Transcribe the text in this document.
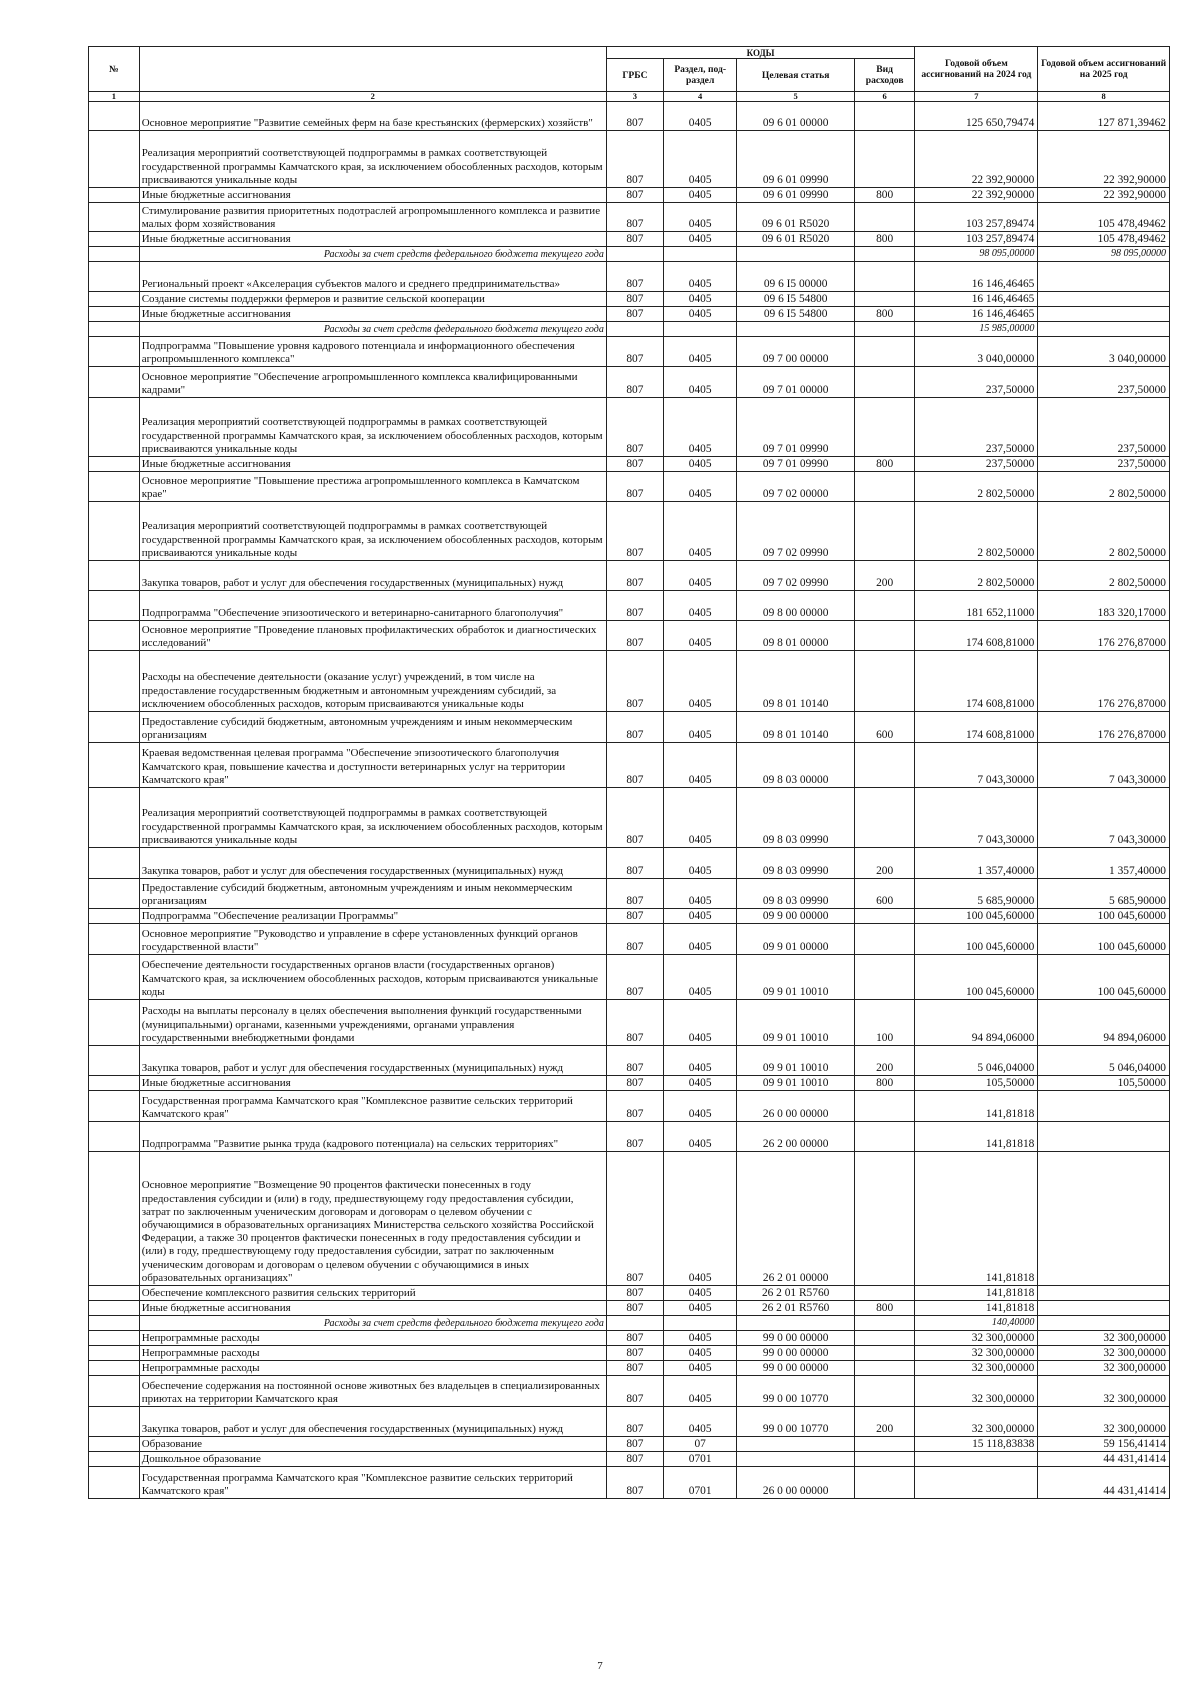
№		КОДЫ				Годовой объем ассигнований на 2024 год	Годовой объем ассигнований на 2025 год
		ГРБС	Раздел, под-раздел	Целевая статья	Вид расходов		
1	2	3	4	5	6	7	8
	Основное мероприятие "Развитие семейных ферм на базе крестьянских (фермерских) хозяйств"	807	0405	09 6 01 00000		125 650,79474	127 871,39462
	Реализация мероприятий соответствующей подпрограммы в рамках соответствующей государственной программы Камчатского края, за исключением обособленных расходов, которым присваиваются уникальные коды	807	0405	09 6 01 09990		22 392,90000	22 392,90000
	Иные бюджетные ассигнования	807	0405	09 6 01 09990	800	22 392,90000	22 392,90000
	Стимулирование развития приоритетных подотраслей агропромышленного комплекса и развитие малых форм хозяйствования	807	0405	09 6 01 R5020		103 257,89474	105 478,49462
	Иные бюджетные ассигнования	807	0405	09 6 01 R5020	800	103 257,89474	105 478,49462
	Расходы за счет средств федерального бюджета текущего года					98 095,00000	98 095,00000
	Региональный проект «Акселерация субъектов малого и среднего предпринимательства»	807	0405	09 6 I5 00000		16 146,46465	
	Создание системы поддержки фермеров и развитие сельской кооперации	807	0405	09 6 I5 54800		16 146,46465	
	Иные бюджетные ассигнования	807	0405	09 6 I5 54800	800	16 146,46465	
	Расходы за счет средств федерального бюджета текущего года					15 985,00000	
	Подпрограмма "Повышение уровня кадрового потенциала и информационного обеспечения агропромышленного комплекса"	807	0405	09 7 00 00000		3 040,00000	3 040,00000
	Основное мероприятие "Обеспечение агропромышленного комплекса квалифицированными кадрами"	807	0405	09 7 01 00000		237,50000	237,50000
	Реализация мероприятий соответствующей подпрограммы в рамках соответствующей государственной программы Камчатского края, за исключением обособленных расходов, которым присваиваются уникальные коды	807	0405	09 7 01 09990		237,50000	237,50000
	Иные бюджетные ассигнования	807	0405	09 7 01 09990	800	237,50000	237,50000
	Основное мероприятие "Повышение престижа агропромышленного комплекса в Камчатском крае"	807	0405	09 7 02 00000		2 802,50000	2 802,50000
	Реализация мероприятий соответствующей подпрограммы в рамках соответствующей государственной программы Камчатского края, за исключением обособленных расходов, которым присваиваются уникальные коды	807	0405	09 7 02 09990		2 802,50000	2 802,50000
	Закупка товаров, работ и услуг для обеспечения государственных (муниципальных) нужд	807	0405	09 7 02 09990	200	2 802,50000	2 802,50000
	Подпрограмма "Обеспечение эпизоотического и ветеринарно-санитарного благополучия"	807	0405	09 8 00 00000		181 652,11000	183 320,17000
	Основное мероприятие "Проведение плановых профилактических обработок и диагностических исследований"	807	0405	09 8 01 00000		174 608,81000	176 276,87000
	Расходы на обеспечение деятельности (оказание услуг) учреждений, в том числе на предоставление государственным бюджетным и автономным учреждениям субсидий, за исключением обособленных расходов, которым присваиваются уникальные коды	807	0405	09 8 01 10140		174 608,81000	176 276,87000
	Предоставление субсидий бюджетным, автономным учреждениям и иным некоммерческим организациям	807	0405	09 8 01 10140	600	174 608,81000	176 276,87000
	Краевая ведомственная целевая программа "Обеспечение эпизоотического благополучия Камчатского края, повышение качества и доступности ветеринарных услуг на территории Камчатского края"	807	0405	09 8 03 00000		7 043,30000	7 043,30000
	Реализация мероприятий соответствующей подпрограммы в рамках соответствующей государственной программы Камчатского края, за исключением обособленных расходов, которым присваиваются уникальные коды	807	0405	09 8 03 09990		7 043,30000	7 043,30000
	Закупка товаров, работ и услуг для обеспечения государственных (муниципальных) нужд	807	0405	09 8 03 09990	200	1 357,40000	1 357,40000
	Предоставление субсидий бюджетным, автономным учреждениям и иным некоммерческим организациям	807	0405	09 8 03 09990	600	5 685,90000	5 685,90000
	Подпрограмма "Обеспечение реализации Программы"	807	0405	09 9 00 00000		100 045,60000	100 045,60000
	Основное мероприятие "Руководство и управление в сфере установленных функций органов государственной власти"	807	0405	09 9 01 00000		100 045,60000	100 045,60000
	Обеспечение деятельности государственных органов власти (государственных органов) Камчатского края, за исключением обособленных расходов, которым присваиваются уникальные коды	807	0405	09 9 01 10010		100 045,60000	100 045,60000
	Расходы на выплаты персоналу в целях обеспечения выполнения функций государственными (муниципальными) органами, казенными учреждениями, органами управления государственными внебюджетными фондами	807	0405	09 9 01 10010	100	94 894,06000	94 894,06000
	Закупка товаров, работ и услуг для обеспечения государственных (муниципальных) нужд	807	0405	09 9 01 10010	200	5 046,04000	5 046,04000
	Иные бюджетные ассигнования	807	0405	09 9 01 10010	800	105,50000	105,50000
	Государственная программа Камчатского края "Комплексное развитие сельских территорий Камчатского края"	807	0405	26 0 00 00000		141,81818	
	Подпрограмма "Развитие рынка труда (кадрового потенциала) на сельских территориях"	807	0405	26 2 00 00000		141,81818	
	Основное мероприятие "Возмещение 90 процентов фактически понесенных в году предоставления субсидии и (или) в году, предшествующему году предоставления субсидии, затрат по заключенным ученическим договорам и договорам о целевом обучении с обучающимися в образовательных организациях Министерства сельского хозяйства Российской Федерации, а также 30 процентов фактически понесенных в году предоставления субсидии и (или) в году, предшествующему году предоставления субсидии, затрат по заключенным ученическим договорам и договорам о целевом обучении с обучающимися в иных образовательных организациях"	807	0405	26 2 01 00000		141,81818	
	Обеспечение комплексного развития сельских территорий	807	0405	26 2 01 R5760		141,81818	
	Иные бюджетные ассигнования	807	0405	26 2 01 R5760	800	141,81818	
	Расходы за счет средств федерального бюджета текущего года					140,40000	
	Непрограммные расходы	807	0405	99 0 00 00000		32 300,00000	32 300,00000
	Непрограммные расходы	807	0405	99 0 00 00000		32 300,00000	32 300,00000
	Непрограммные расходы	807	0405	99 0 00 00000		32 300,00000	32 300,00000
	Обеспечение содержания на постоянной основе животных без владельцев в специализированных приютах на территории Камчатского края	807	0405	99 0 00 10770		32 300,00000	32 300,00000
	Закупка товаров, работ и услуг для обеспечения государственных (муниципальных) нужд	807	0405	99 0 00 10770	200	32 300,00000	32 300,00000
	Образование	807	07			15 118,83838	59 156,41414
	Дошкольное образование	807	0701				44 431,41414
	Государственная программа Камчатского края "Комплексное развитие сельских территорий Камчатского края"	807	0701	26 0 00 00000			44 431,41414
7
